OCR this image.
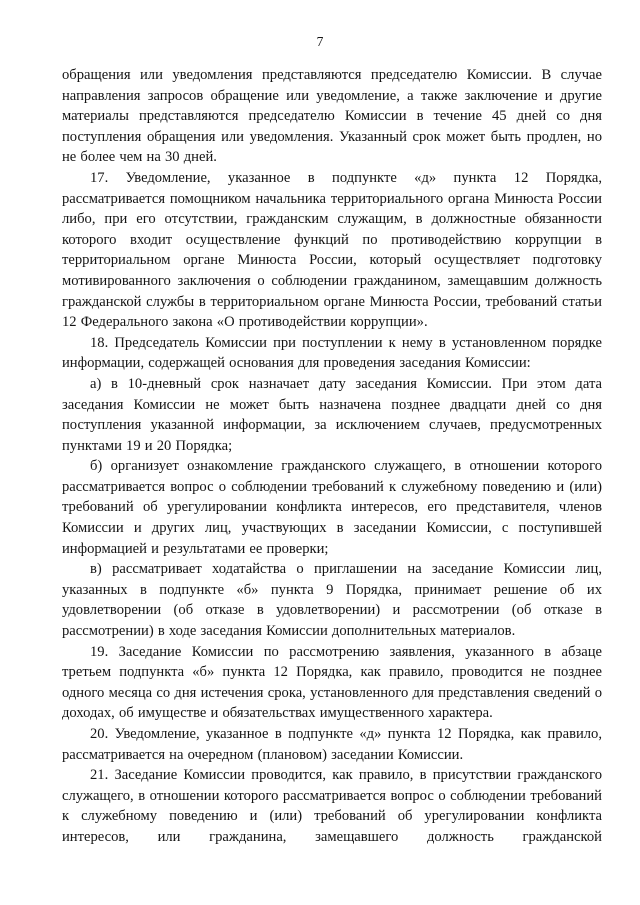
7

обращения или уведомления представляются председателю Комиссии. В случае направления запросов обращение или уведомление, а также заключение и другие материалы представляются председателю Комиссии в течение 45 дней со дня поступления обращения или уведомления. Указанный срок может быть продлен, но не более чем на 30 дней.

17. Уведомление, указанное в подпункте «д» пункта 12 Порядка, рассматривается помощником начальника территориального органа Минюста России либо, при его отсутствии, гражданским служащим, в должностные обязанности которого входит осуществление функций по противодействию коррупции в территориальном органе Минюста России, который осуществляет подготовку мотивированного заключения о соблюдении гражданином, замещавшим должность гражданской службы в территориальном органе Минюста России, требований статьи 12 Федерального закона «О противодействии коррупции».

18. Председатель Комиссии при поступлении к нему в установленном порядке информации, содержащей основания для проведения заседания Комиссии:

а) в 10-дневный срок назначает дату заседания Комиссии. При этом дата заседания Комиссии не может быть назначена позднее двадцати дней со дня поступления указанной информации, за исключением случаев, предусмотренных пунктами 19 и 20 Порядка;

б) организует ознакомление гражданского служащего, в отношении которого рассматривается вопрос о соблюдении требований к служебному поведению и (или) требований об урегулировании конфликта интересов, его представителя, членов Комиссии и других лиц, участвующих в заседании Комиссии, с поступившей информацией и результатами ее проверки;

в) рассматривает ходатайства о приглашении на заседание Комиссии лиц, указанных в подпункте «б» пункта 9 Порядка, принимает решение об их удовлетворении (об отказе в удовлетворении) и рассмотрении (об отказе в рассмотрении) в ходе заседания Комиссии дополнительных материалов.

19. Заседание Комиссии по рассмотрению заявления, указанного в абзаце третьем подпункта «б» пункта 12 Порядка, как правило, проводится не позднее одного месяца со дня истечения срока, установленного для представления сведений о доходах, об имуществе и обязательствах имущественного характера.

20. Уведомление, указанное в подпункте «д» пункта 12 Порядка, как правило, рассматривается на очередном (плановом) заседании Комиссии.

21. Заседание Комиссии проводится, как правило, в присутствии гражданского служащего, в отношении которого рассматривается вопрос о соблюдении требований к служебному поведению и (или) требований об урегулировании конфликта интересов, или гражданина, замещавшего должность гражданской
